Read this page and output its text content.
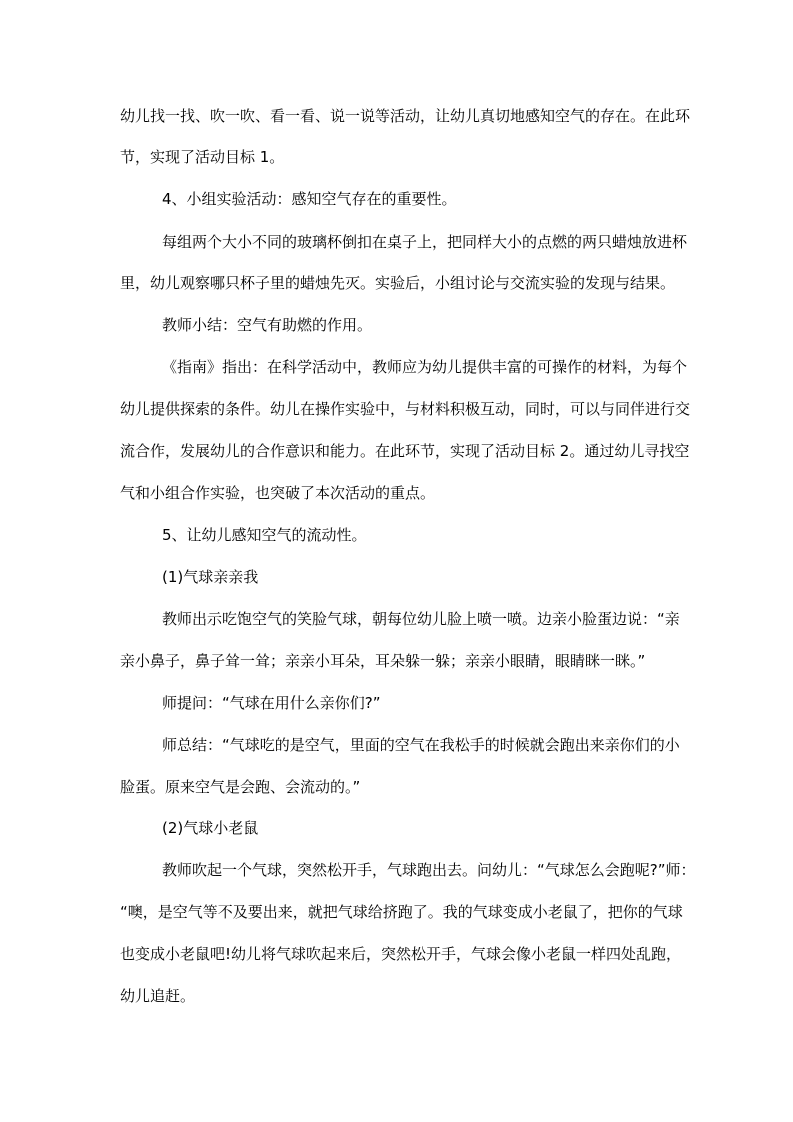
幼儿找一找、吹一吹、看一看、说一说等活动，让幼儿真切地感知空气的存在。在此环
节，实现了活动目标 1。
4、小组实验活动：感知空气存在的重要性。
每组两个大小不同的玻璃杯倒扣在桌子上，把同样大小的点燃的两只蜡烛放进杯
里，幼儿观察哪只杯子里的蜡烛先灭。实验后，小组讨论与交流实验的发现与结果。
教师小结：空气有助燃的作用。
《指南》指出：在科学活动中，教师应为幼儿提供丰富的可操作的材料，为每个
幼儿提供探索的条件。幼儿在操作实验中，与材料积极互动，同时，可以与同伴进行交
流合作，发展幼儿的合作意识和能力。在此环节，实现了活动目标 2。通过幼儿寻找空
气和小组合作实验，也突破了本次活动的重点。
5、让幼儿感知空气的流动性。
(1)气球亲亲我
教师出示吃饱空气的笑脸气球，朝每位幼儿脸上喷一喷。边亲小脸蛋边说：“亲
亲小鼻子，鼻子耸一耸；亲亲小耳朵，耳朵躲一躲；亲亲小眼睛，眼睛眯一眯。”
师提问：“气球在用什么亲你们?”
师总结：“气球吃的是空气，里面的空气在我松手的时候就会跑出来亲你们的小
脸蛋。原来空气是会跑、会流动的。”
(2)气球小老鼠
教师吹起一个气球，突然松开手，气球跑出去。问幼儿：“气球怎么会跑呢?”师：
“噢，是空气等不及要出来，就把气球给挤跑了。我的气球变成小老鼠了，把你的气球
也变成小老鼠吧!幼儿将气球吹起来后，突然松开手，气球会像小老鼠一样四处乱跑，
幼儿追赶。
